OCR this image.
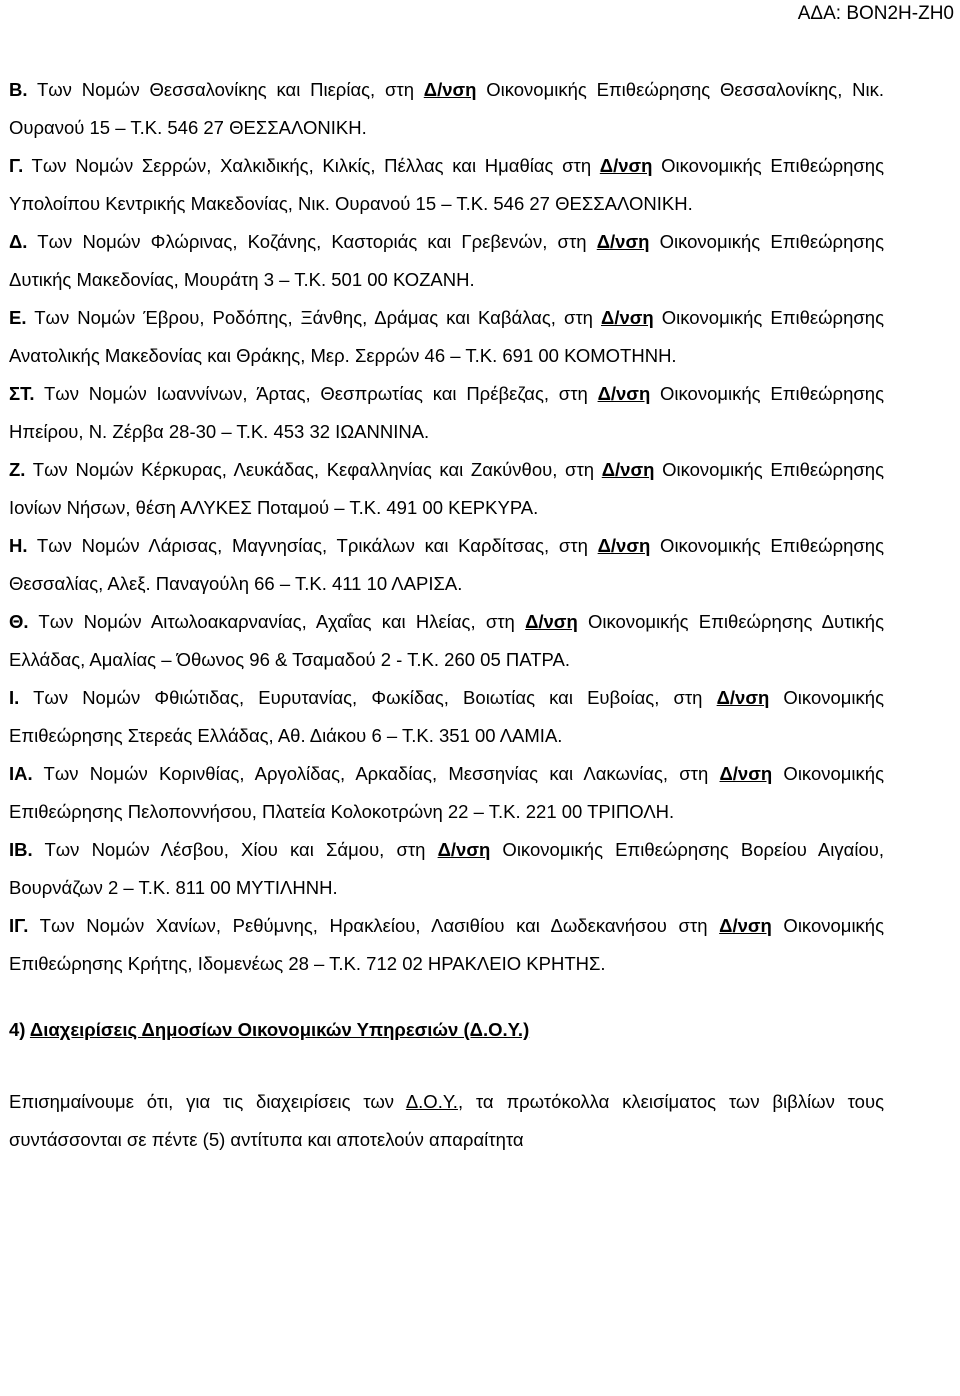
ΑΔΑ: ΒΟΝ2Η-ΖΗ0

Β. Των Νομών Θεσσαλονίκης και Πιερίας, στη Δ/νση Οικονομικής Επιθεώρησης Θεσσαλονίκης, Νικ. Ουρανού 15 – Τ.Κ. 546 27 ΘΕΣΣΑΛΟΝΙΚΗ.

Γ. Των Νομών Σερρών, Χαλκιδικής, Κιλκίς, Πέλλας και Ημαθίας στη Δ/νση Οικονομικής Επιθεώρησης Υπολοίπου Κεντρικής Μακεδονίας, Νικ. Ουρανού 15 – Τ.Κ. 546 27 ΘΕΣΣΑΛΟΝΙΚΗ.

Δ. Των Νομών Φλώρινας, Κοζάνης, Καστοριάς και Γρεβενών, στη Δ/νση Οικονομικής Επιθεώρησης Δυτικής Μακεδονίας, Μουράτη 3 – Τ.Κ. 501 00 ΚΟΖΑΝΗ.

Ε. Των Νομών Έβρου, Ροδόπης, Ξάνθης, Δράμας και Καβάλας, στη Δ/νση Οικονομικής Επιθεώρησης Ανατολικής Μακεδονίας και Θράκης, Μερ. Σερρών 46 – Τ.Κ. 691 00 ΚΟΜΟΤΗΝΗ.

ΣΤ. Των Νομών Ιωαννίνων, Άρτας, Θεσπρωτίας και Πρέβεζας, στη Δ/νση Οικονομικής Επιθεώρησης Ηπείρου, Ν. Ζέρβα 28-30 – Τ.Κ. 453 32 ΙΩΑΝΝΙΝΑ.

Ζ. Των Νομών Κέρκυρας, Λευκάδας, Κεφαλληνίας και Ζακύνθου, στη Δ/νση Οικονομικής Επιθεώρησης Ιονίων Νήσων, θέση ΑΛΥΚΕΣ Ποταμού – Τ.Κ. 491 00 ΚΕΡΚΥΡΑ.

Η. Των Νομών Λάρισας, Μαγνησίας, Τρικάλων και Καρδίτσας, στη Δ/νση Οικονομικής Επιθεώρησης Θεσσαλίας, Αλεξ. Παναγούλη 66 – Τ.Κ. 411 10 ΛΑΡΙΣΑ.

Θ. Των Νομών Αιτωλοακαρνανίας, Αχαΐας και Ηλείας, στη Δ/νση Οικονομικής Επιθεώρησης Δυτικής Ελλάδας, Αμαλίας – Όθωνος 96 & Τσαμαδού 2 - Τ.Κ. 260 05 ΠΑΤΡΑ.

Ι. Των Νομών Φθιώτιδας, Ευρυτανίας, Φωκίδας, Βοιωτίας και Ευβοίας, στη Δ/νση Οικονομικής Επιθεώρησης Στερεάς Ελλάδας, Αθ. Διάκου 6 – Τ.Κ. 351 00 ΛΑΜΙΑ.

ΙΑ. Των Νομών Κορινθίας, Αργολίδας, Αρκαδίας, Μεσσηνίας και Λακωνίας, στη Δ/νση Οικονομικής Επιθεώρησης Πελοποννήσου, Πλατεία Κολοκοτρώνη 22 – Τ.Κ. 221 00 ΤΡΙΠΟΛΗ.

ΙΒ. Των Νομών Λέσβου, Χίου και Σάμου, στη Δ/νση Οικονομικής Επιθεώρησης Βορείου Αιγαίου, Βουρνάζων 2 – Τ.Κ. 811 00 ΜΥΤΙΛΗΝΗ.

ΙΓ. Των Νομών Χανίων, Ρεθύμνης, Ηρακλείου, Λασιθίου και Δωδεκανήσου στη Δ/νση Οικονομικής Επιθεώρησης Κρήτης, Ιδομενέως 28 – Τ.Κ. 712 02 ΗΡΑΚΛΕΙΟ ΚΡΗΤΗΣ.

4) Διαχειρίσεις Δημοσίων Οικονομικών Υπηρεσιών (Δ.Ο.Υ.)

Επισημαίνουμε ότι, για τις διαχειρίσεις των Δ.Ο.Υ., τα πρωτόκολλα κλεισίματος των βιβλίων τους συντάσσονται σε πέντε (5) αντίτυπα και αποτελούν απαραίτητα
